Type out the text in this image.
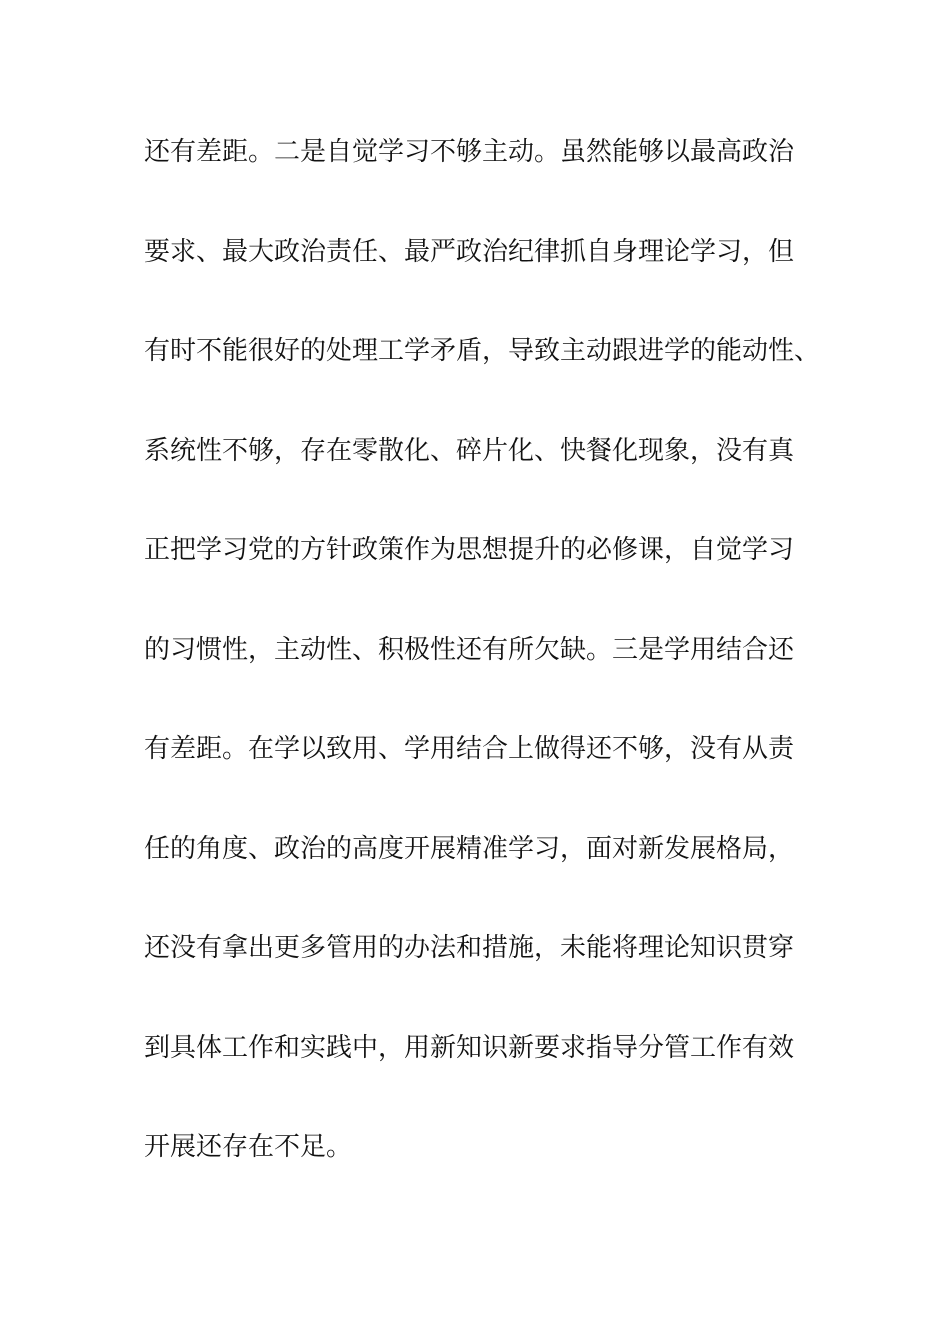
还有差距。二是自觉学习不够主动。虽然能够以最高政治
要求、最大政治责任、最严政治纪律抓自身理论学习，但
有时不能很好的处理工学矛盾，导致主动跟进学的能动性、
系统性不够，存在零散化、碎片化、快餐化现象，没有真
正把学习党的方针政策作为思想提升的必修课，自觉学习
的习惯性，主动性、积极性还有所欠缺。三是学用结合还
有差距。在学以致用、学用结合上做得还不够，没有从责
任的角度、政治的高度开展精准学习，面对新发展格局，
还没有拿出更多管用的办法和措施，未能将理论知识贯穿
到具体工作和实践中，用新知识新要求指导分管工作有效
开展还存在不足。
